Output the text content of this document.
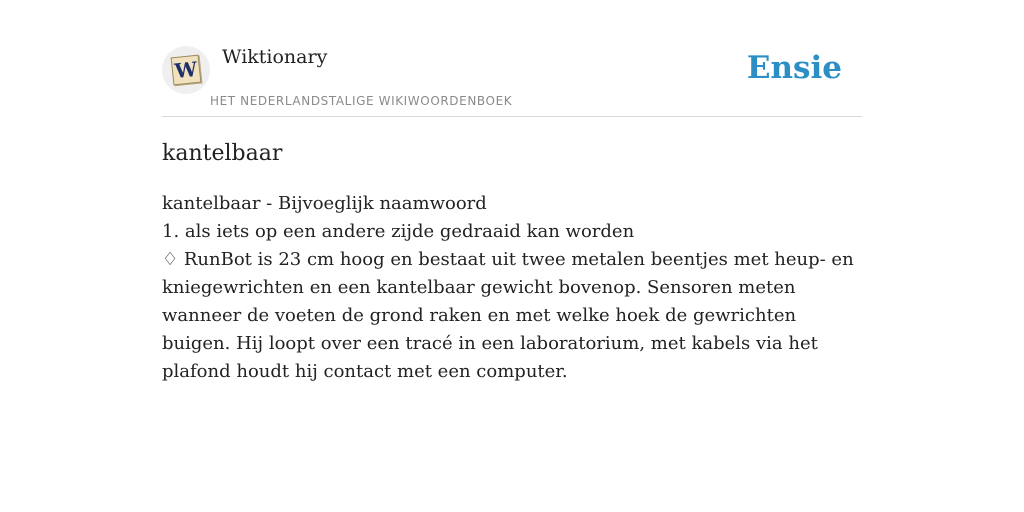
W Wiktionary
HET NEDERLANDSTALIGE WIKIWOORDENBOEK
Ensie
kantelbaar
kantelbaar - Bijvoeglijk naamwoord
1. als iets op een andere zijde gedraaid kan worden
♢ RunBot is 23 cm hoog en bestaat uit twee metalen beentjes met heup- en kniegewrichten en een kantelbaar gewicht bovenop. Sensoren meten wanneer de voeten de grond raken en met welke hoek de gewrichten buigen. Hij loopt over een tracé in een laboratorium, met kabels via het plafond houdt hij contact met een computer.
